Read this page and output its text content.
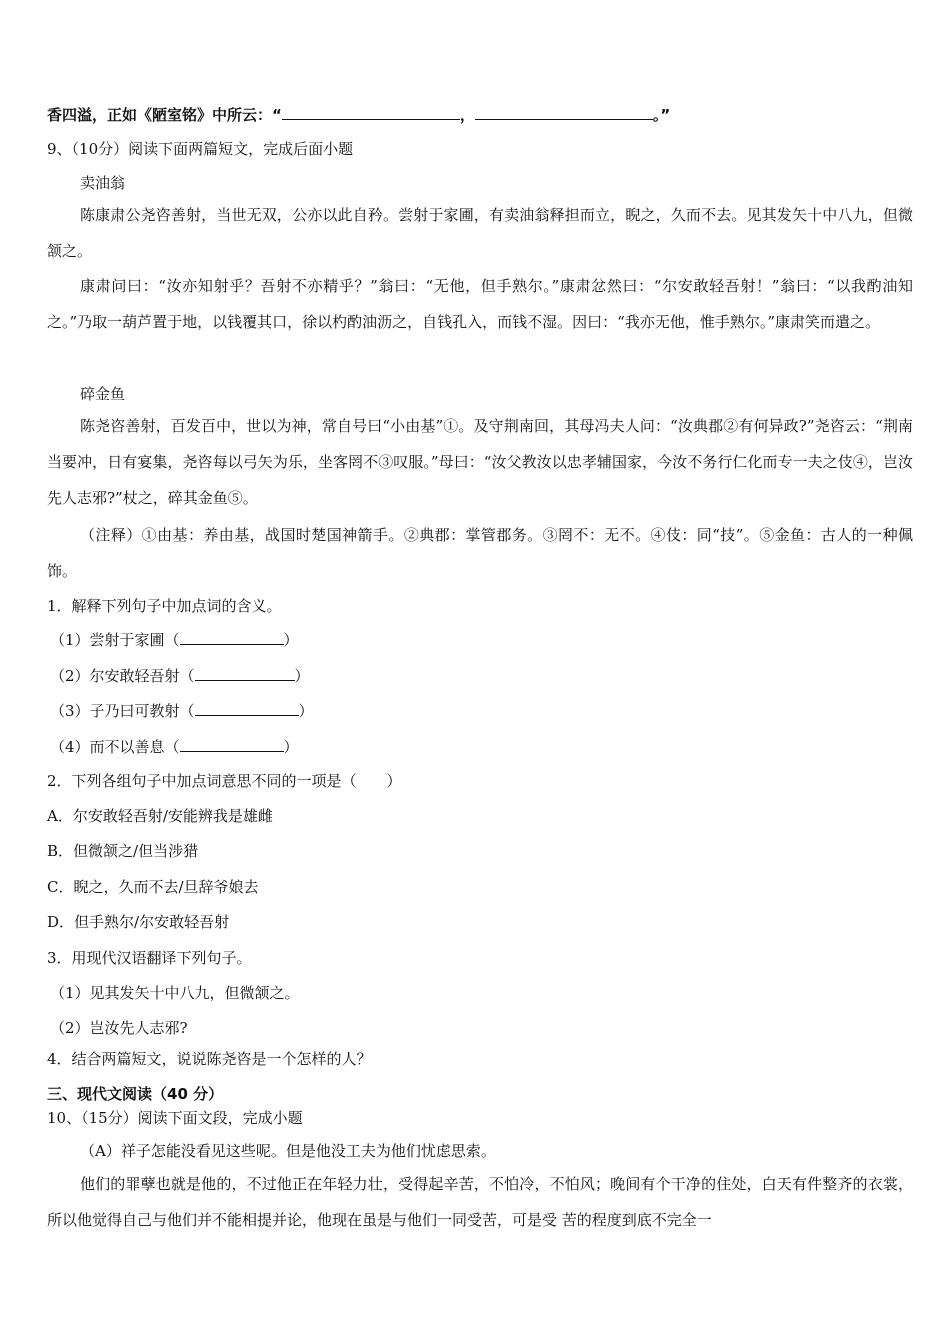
香四溢，正如《陋室铭》中所云：“	，	。”
9、（10分）阅读下面两篇短文，完成后面小题
卖油翁
陈康肃公尧咨善射，当世无双，公亦以此自矜。尝射于家圃，有卖油翁释担而立，睨之，久而不去。见其发矢十中八九，但微颔之。
康肃问曰：“汝亦知射乎？吾射不亦精乎？”翁曰：“无他，但手熟尔。”康肃忿然曰：“尔安敢轻吾射！”翁曰：“以我酌油知之。”乃取一葫芦置于地，以钱覆其口，徐以杓酌油沥之，自钱孔入，而钱不湿。因曰：“我亦无他，惟手熟尔。”康肃笑而遣之。
碎金鱼
陈尧咨善射，百发百中，世以为神，常自号曰“小由基”①。及守荆南回，其母冯夫人问：“汝典郡②有何异政?”尧咨云：“荆南当要冲，日有宴集，尧咨每以弓矢为乐，坐客罔不③叹服。”母曰：“汝父教汝以忠孝辅国家，今汝不务行仁化而专一夫之伎④，岂汝先人志邪?”杖之，碎其金鱼⑤。
（注释）①由基：养由基，战国时楚国神箭手。②典郡：掌管郡务。③罔不：无不。④伎：同“技”。⑤金鱼：古人的一种佩饰。
1．解释下列句子中加点词的含义。
（1）尝射于家圃（	）
（2）尔安敢轻吾射（	）
（3）子乃曰可教射（	）
（4）而不以善息（	）
2．下列各组句子中加点词意思不同的一项是（　　）
A．尔安敢轻吾射/安能辨我是雄雌
B．但微颔之/但当涉猎
C．睨之，久而不去/旦辞爷娘去
D．但手熟尔/尔安敢轻吾射
3．用现代汉语翻译下列句子。
（1）见其发矢十中八九，但微颔之。
（2）岂汝先人志邪?
4．结合两篇短文，说说陈尧咨是一个怎样的人？
三、现代文阅读（40 分）
10、（15分）阅读下面文段，完成小题
（A）祥子怎能没看见这些呢。但是他没工夫为他们忧虑思索。
他们的罪孽也就是他的，不过他正在年轻力壮，受得起辛苦，不怕冷，不怕风；晚间有个干净的住处，白天有件整齐的衣裳，所以他觉得自己与他们并不能相提并论，他现在虽是与他们一同受苦，可是受 苦的程度到底不完全一
